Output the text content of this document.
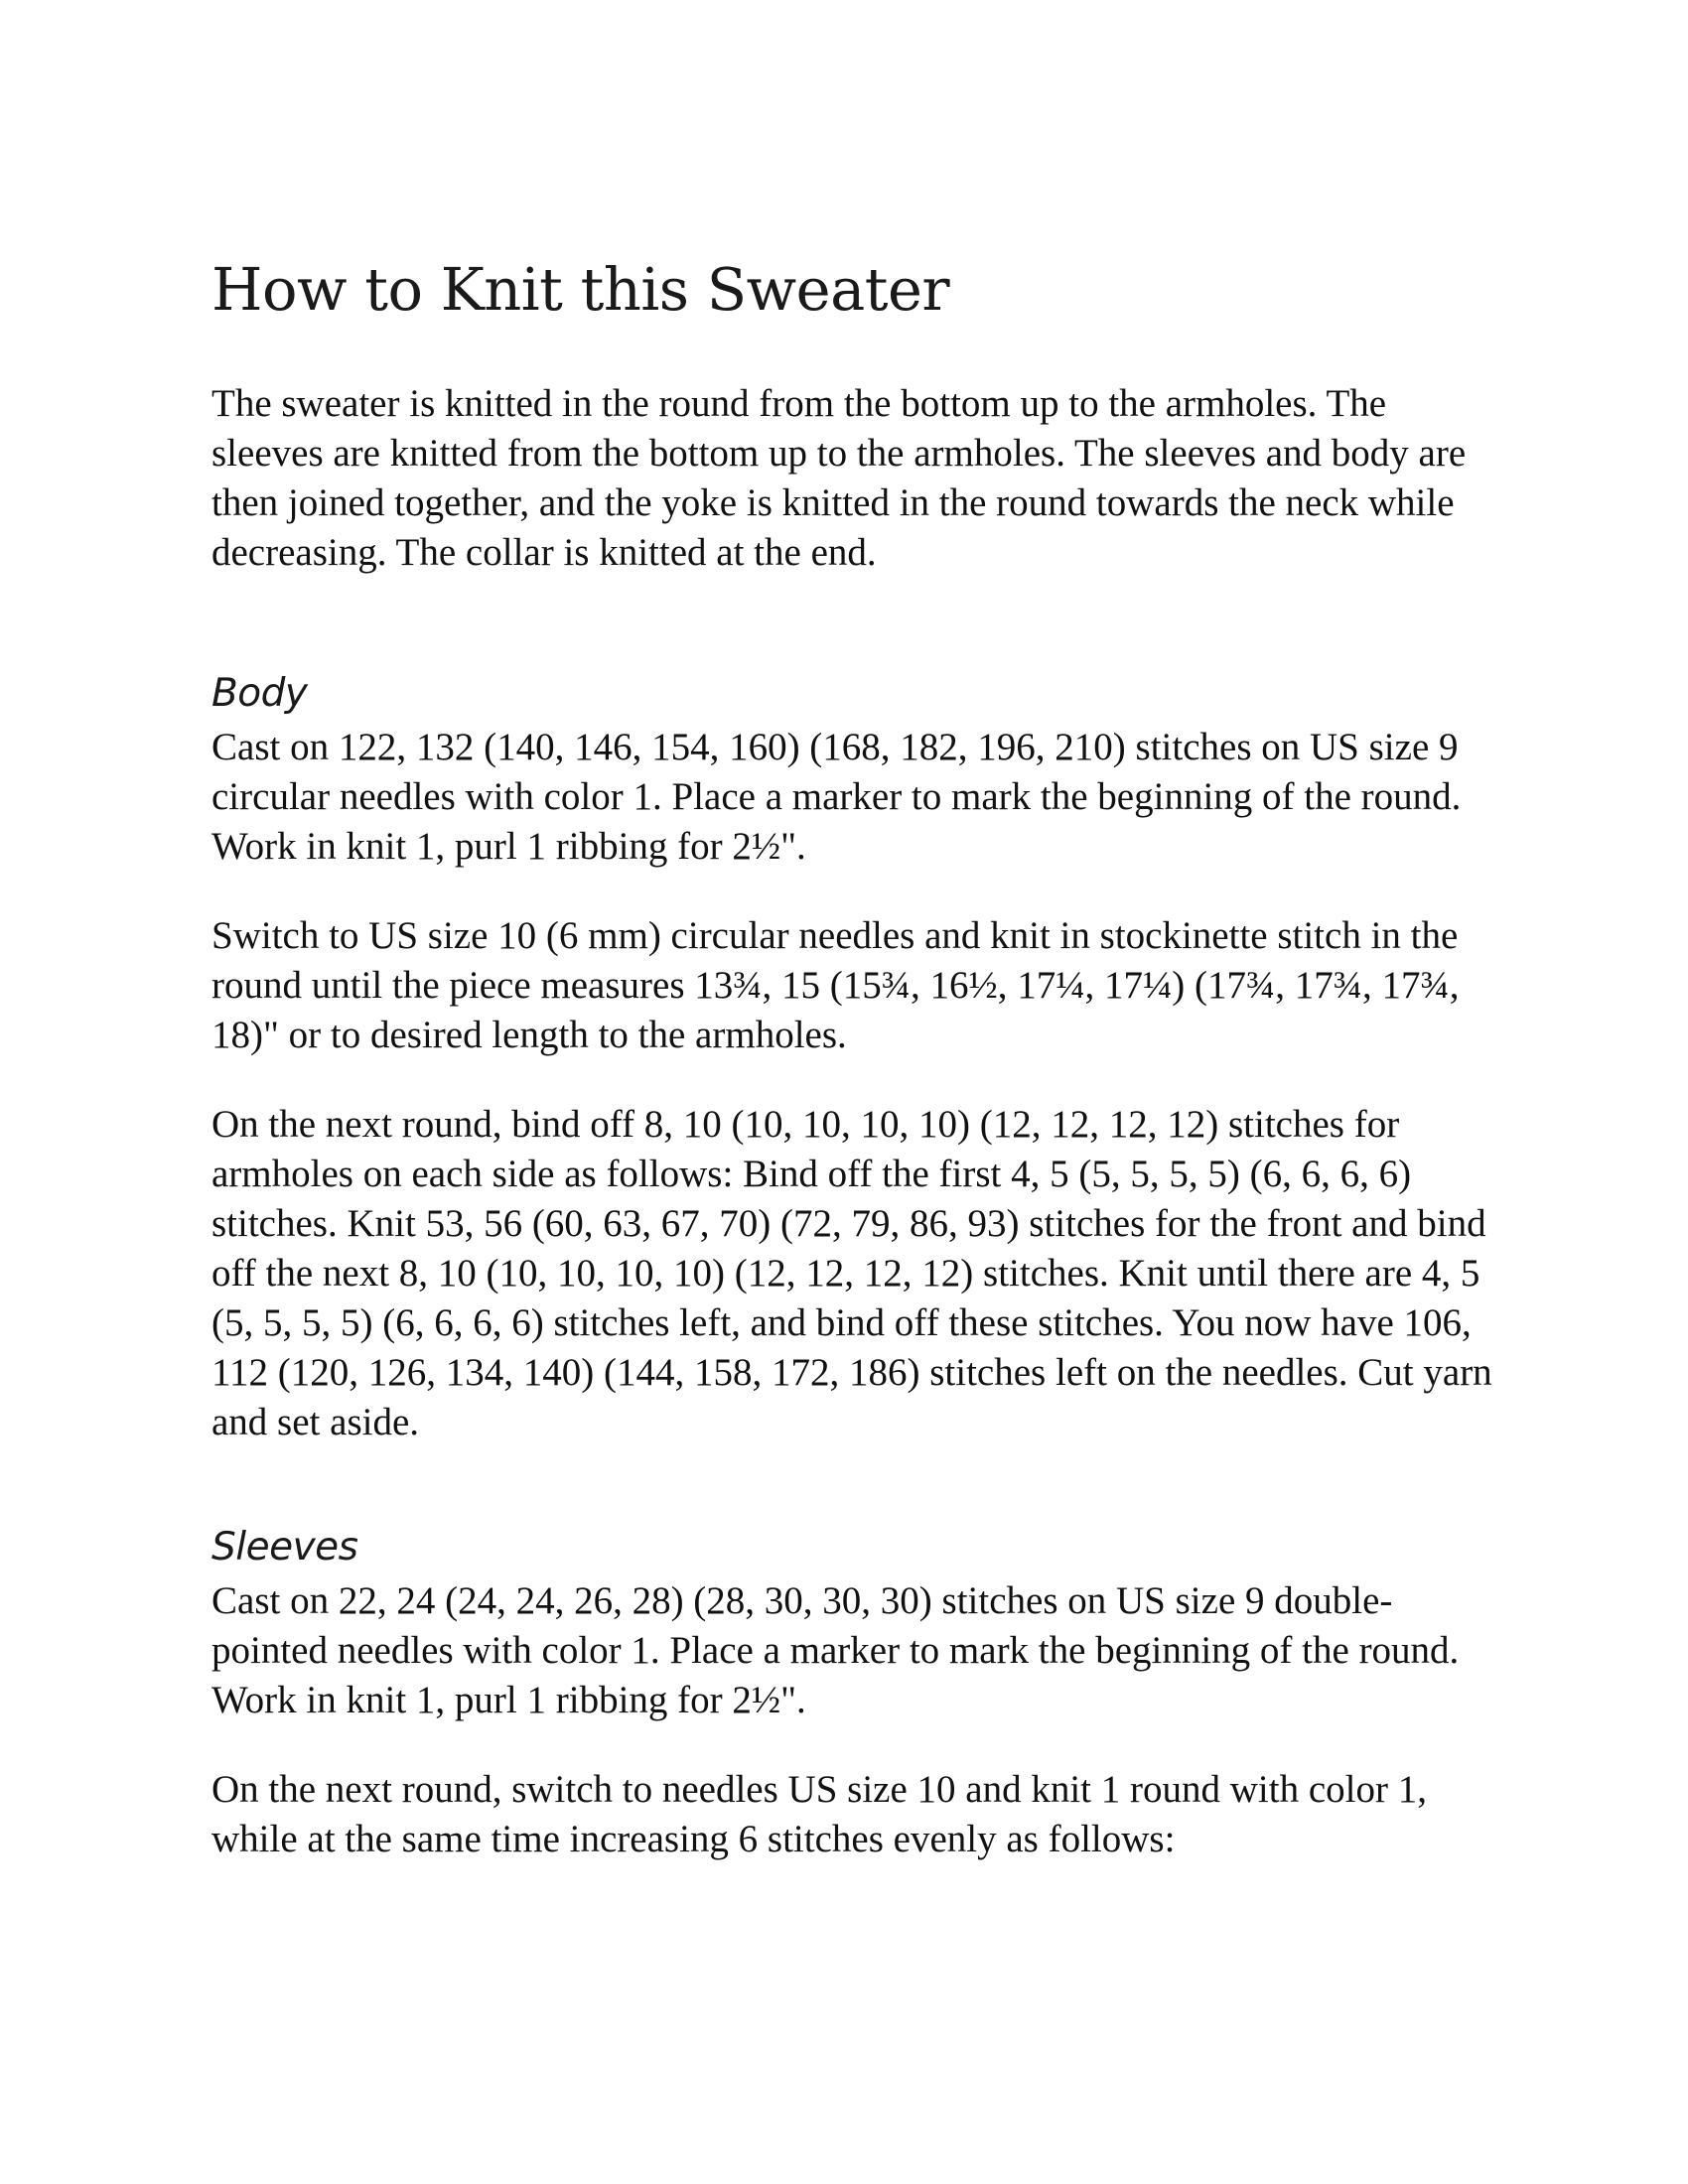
How to Knit this Sweater

The sweater is knitted in the round from the bottom up to the armholes. The sleeves are knitted from the bottom up to the armholes. The sleeves and body are then joined together, and the yoke is knitted in the round towards the neck while decreasing. The collar is knitted at the end.

Body

Cast on 122, 132 (140, 146, 154, 160) (168, 182, 196, 210) stitches on US size 9 circular needles with color 1. Place a marker to mark the beginning of the round. Work in knit 1, purl 1 ribbing for 2½".

Switch to US size 10 (6 mm) circular needles and knit in stockinette stitch in the round until the piece measures 13¾, 15 (15¾, 16½, 17¼, 17¼) (17¾, 17¾, 17¾, 18)" or to desired length to the armholes.

On the next round, bind off 8, 10 (10, 10, 10, 10) (12, 12, 12, 12) stitches for armholes on each side as follows: Bind off the first 4, 5 (5, 5, 5, 5) (6, 6, 6, 6) stitches. Knit 53, 56 (60, 63, 67, 70) (72, 79, 86, 93) stitches for the front and bind off the next 8, 10 (10, 10, 10, 10) (12, 12, 12, 12) stitches. Knit until there are 4, 5 (5, 5, 5, 5) (6, 6, 6, 6) stitches left, and bind off these stitches. You now have 106, 112 (120, 126, 134, 140) (144, 158, 172, 186) stitches left on the needles. Cut yarn and set aside.

Sleeves

Cast on 22, 24 (24, 24, 26, 28) (28, 30, 30, 30) stitches on US size 9 double-pointed needles with color 1. Place a marker to mark the beginning of the round. Work in knit 1, purl 1 ribbing for 2½".

On the next round, switch to needles US size 10 and knit 1 round with color 1, while at the same time increasing 6 stitches evenly as follows:
